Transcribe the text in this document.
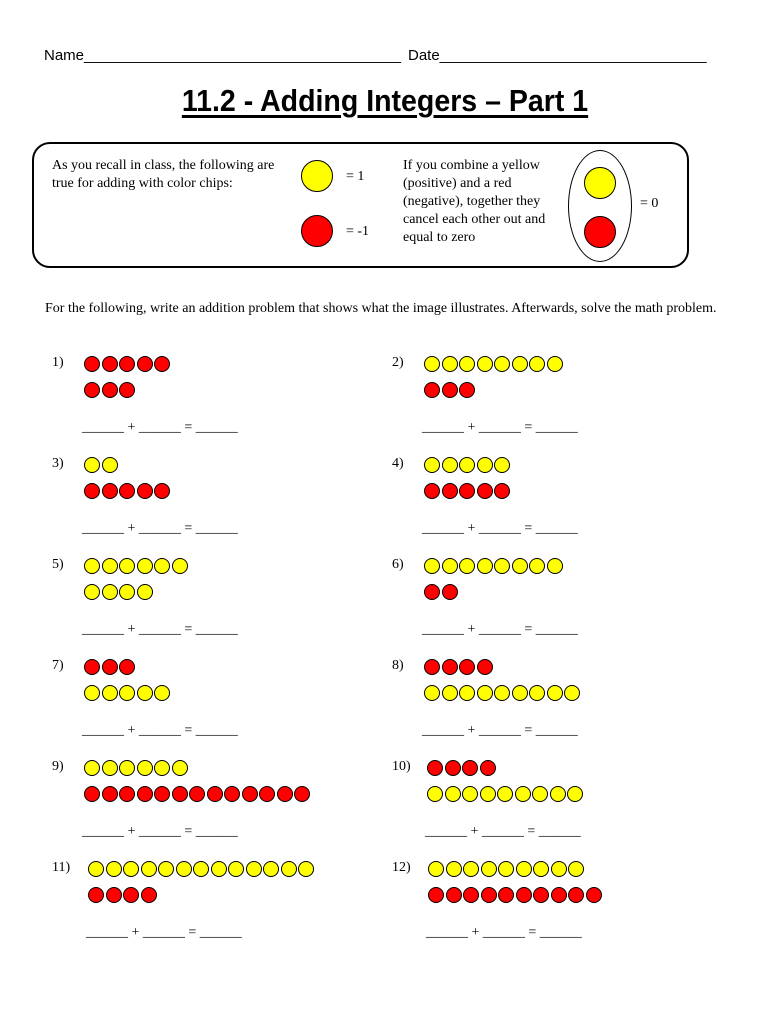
Name______________________________________ Date________________________________
11.2 - Adding Integers – Part 1
As you recall in class, the following are true for adding with color chips:	= 1
= -1
If you combine a yellow (positive) and a red (negative), together they cancel each other out and equal to zero
= 0
For the following, write an addition problem that shows what the image illustrates. Afterwards, solve the math problem.
1)
______ + ______ = ______
2)
______ + ______ = ______
3)
______ + ______ = ______
4)
______ + ______ = ______
5)
______ + ______ = ______
6)
______ + ______ = ______
7)
______ + ______ = ______
8)
______ + ______ = ______
9)
______ + ______ = ______
10)
______ + ______ = ______
11)
______ + ______ = ______
12)
______ + ______ = ______
